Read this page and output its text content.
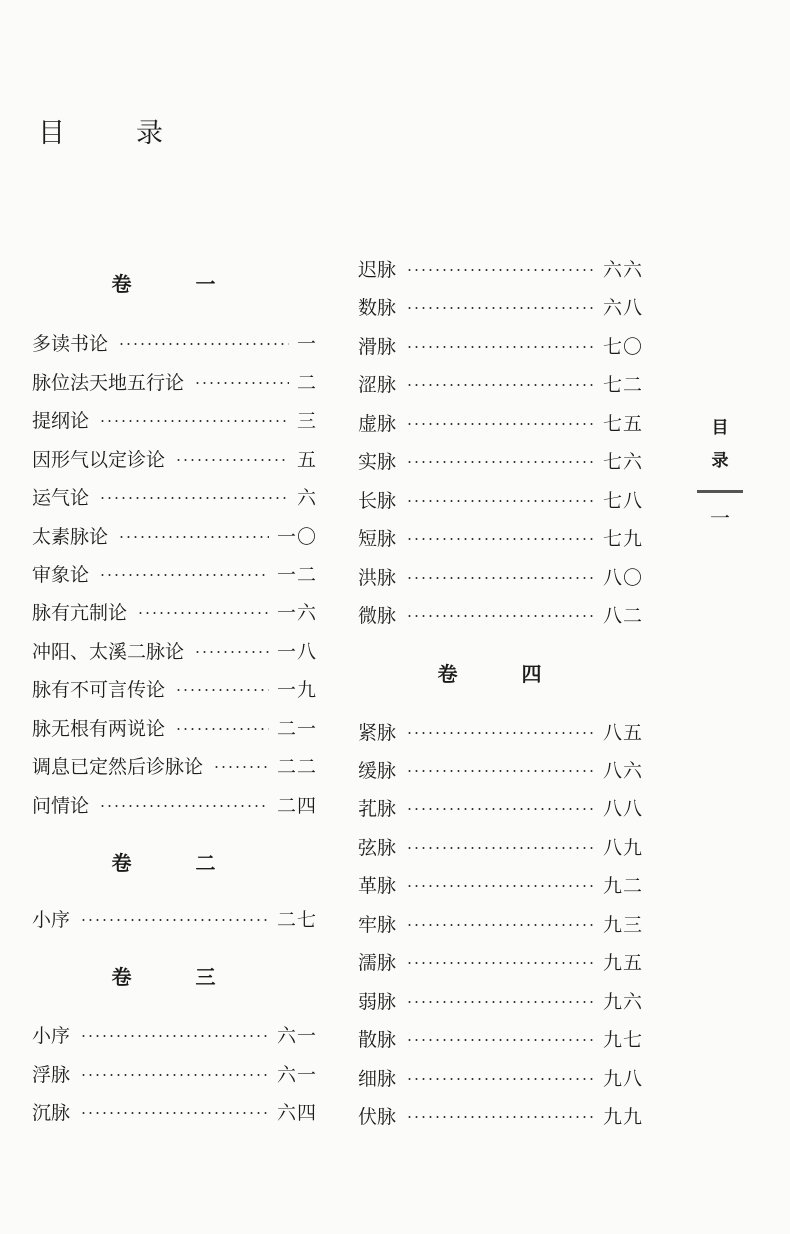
目　录
卷　一
多读书论	一
脉位法天地五行论	二
提纲论	三
因形气以定诊论	五
运气论	六
太素脉论	一〇
审象论	一二
脉有亢制论	一六
冲阳、太溪二脉论	一八
脉有不可言传论	一九
脉无根有两说论	二一
调息已定然后诊脉论	二二
问情论	二四
卷　二
小序	二七
卷　三
小序	六一
浮脉	六一
沉脉	六四
迟脉	六六
数脉	六八
滑脉	七〇
涩脉	七二
虚脉	七五
实脉	七六
长脉	七八
短脉	七九
洪脉	八〇
微脉	八二
卷　四
紧脉	八五
缓脉	八六
芤脉	八八
弦脉	八九
革脉	九二
牢脉	九三
濡脉	九五
弱脉	九六
散脉	九七
细脉	九八
伏脉	九九
目录
一
